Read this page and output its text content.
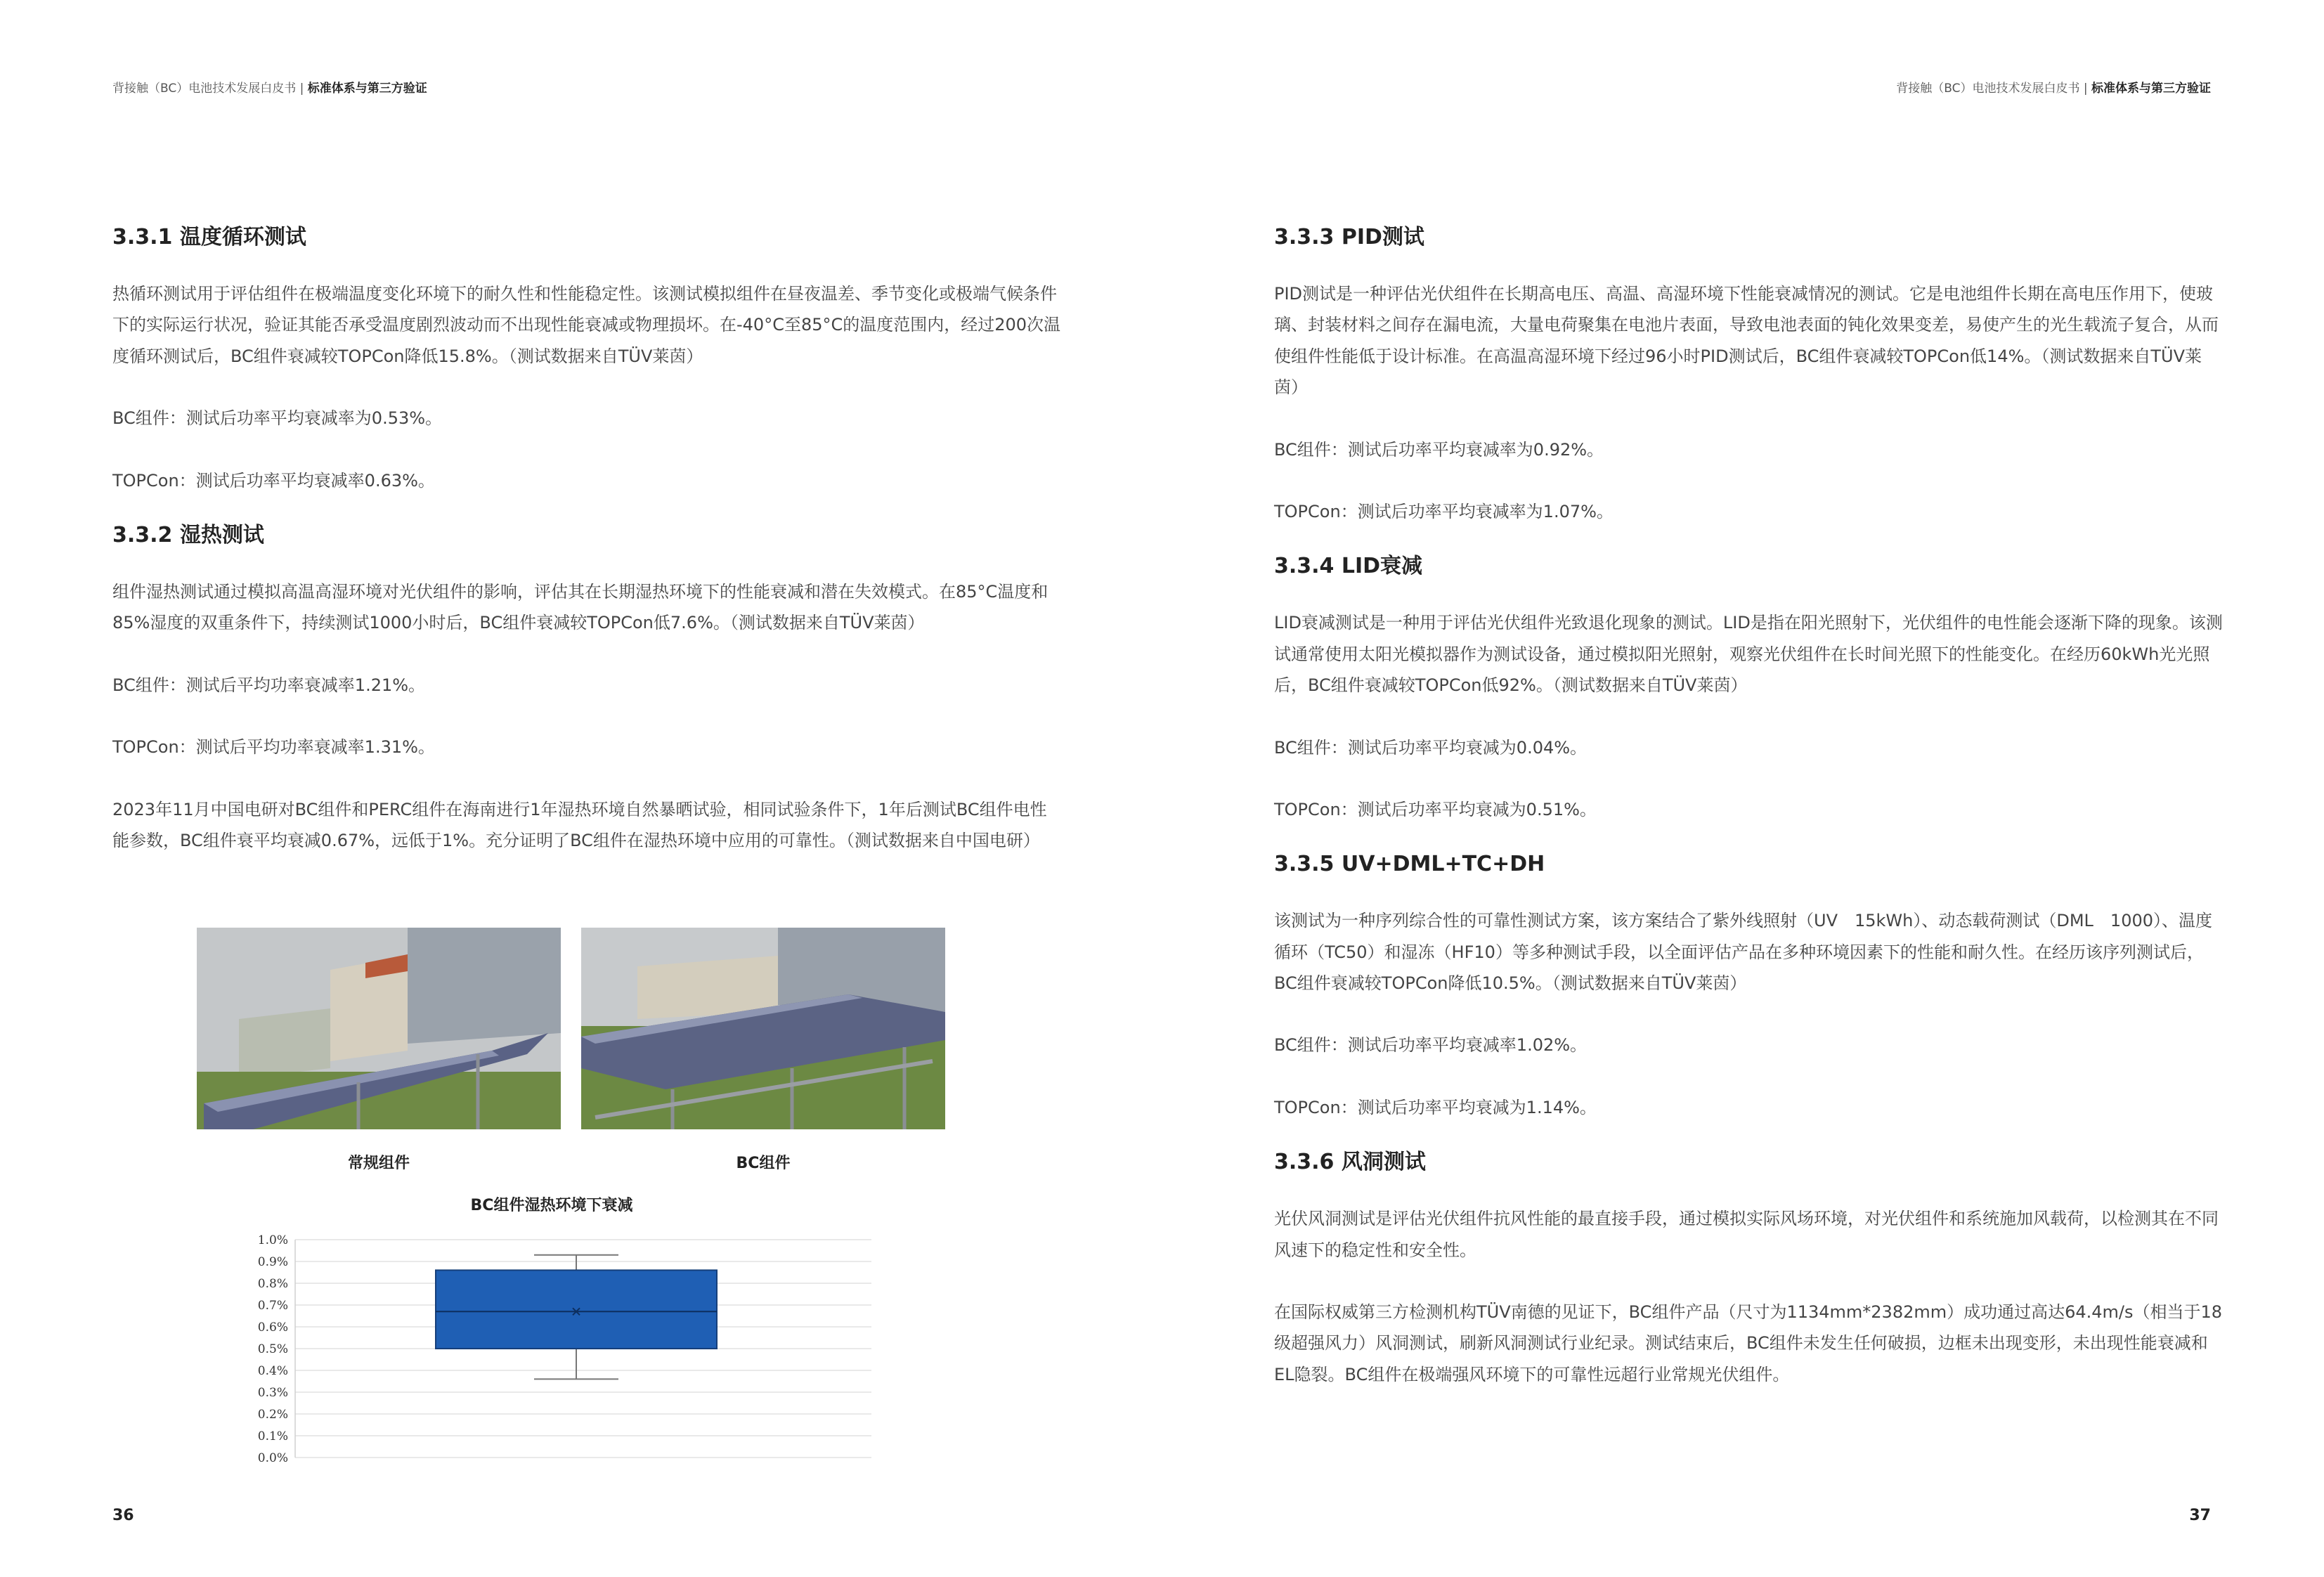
背接触（BC）电池技术发展白皮书 | 标准体系与第三方验证
3.3.1 温度循环测试

热循环测试用于评估组件在极端温度变化环境下的耐久性和性能稳定性。该测试模拟组件在昼夜温差、季节变化或极端气候条件下的实际运行状况，验证其能否承受温度剧烈波动而不出现性能衰减或物理损坏。在-40°C至85°C的温度范围内，经过200次温度循环测试后，BC组件衰减较TOPCon降低15.8%。（测试数据来自TÜV莱茵）

BC组件：测试后功率平均衰减率为0.53%。

TOPCon：测试后功率平均衰减率0.63%。

3.3.2 湿热测试

组件湿热测试通过模拟高温高湿环境对光伏组件的影响，评估其在长期湿热环境下的性能衰减和潜在失效模式。在85°C温度和85%湿度的双重条件下，持续测试1000小时后，BC组件衰减较TOPCon低7.6%。（测试数据来自TÜV莱茵）

BC组件：测试后平均功率衰减率1.21%。

TOPCon：测试后平均功率衰减率1.31%。

2023年11月中国电研对BC组件和PERC组件在海南进行1年湿热环境自然暴晒试验，相同试验条件下，1年后测试BC组件电性能参数，BC组件衰平均衰减0.67%，远低于1%。充分证明了BC组件在湿热环境中应用的可靠性。（测试数据来自中国电研）

常规组件	BC组件
BC组件湿热环境下衰减
0.0%
0.1%
0.2%
0.3%
0.4%
0.5%
0.6%
0.7%
0.8%
0.9%
1.0%
36
背接触（BC）电池技术发展白皮书 | 标准体系与第三方验证
3.3.3 PID测试

PID测试是一种评估光伏组件在长期高电压、高温、高湿环境下性能衰减情况的测试。它是电池组件长期在高电压作用下，使玻璃、封装材料之间存在漏电流，大量电荷聚集在电池片表面，导致电池表面的钝化效果变差，易使产生的光生载流子复合，从而使组件性能低于设计标准。在高温高湿环境下经过96小时PID测试后，BC组件衰减较TOPCon低14%。（测试数据来自TÜV莱茵）

BC组件：测试后功率平均衰减率为0.92%。

TOPCon：测试后功率平均衰减率为1.07%。

3.3.4 LID衰减

LID衰减测试是一种用于评估光伏组件光致退化现象的测试。LID是指在阳光照射下，光伏组件的电性能会逐渐下降的现象。该测试通常使用太阳光模拟器作为测试设备，通过模拟阳光照射，观察光伏组件在长时间光照下的性能变化。在经历60kWh光光照后，BC组件衰减较TOPCon低92%。（测试数据来自TÜV莱茵）

BC组件：测试后功率平均衰减为0.04%。

TOPCon：测试后功率平均衰减为0.51%。

3.3.5 UV+DML+TC+DH

该测试为一种序列综合性的可靠性测试方案，该方案结合了紫外线照射（UV　15kWh）、动态载荷测试（DML　1000）、温度循环（TC50）和湿冻（HF10）等多种测试手段，以全面评估产品在多种环境因素下的性能和耐久性。在经历该序列测试后，BC组件衰减较TOPCon降低10.5%。（测试数据来自TÜV莱茵）

BC组件：测试后功率平均衰减率1.02%。

TOPCon：测试后功率平均衰减为1.14%。

3.3.6 风洞测试

光伏风洞测试是评估光伏组件抗风性能的最直接手段，通过模拟实际风场环境，对光伏组件和系统施加风载荷，以检测其在不同风速下的稳定性和安全性。

在国际权威第三方检测机构TÜV南德的见证下，BC组件产品（尺寸为1134mm*2382mm）成功通过高达64.4m/s（相当于18级超强风力）风洞测试，刷新风洞测试行业纪录。测试结束后，BC组件未发生任何破损，边框未出现变形，未出现性能衰减和EL隐裂。BC组件在极端强风环境下的可靠性远超行业常规光伏组件。

37
